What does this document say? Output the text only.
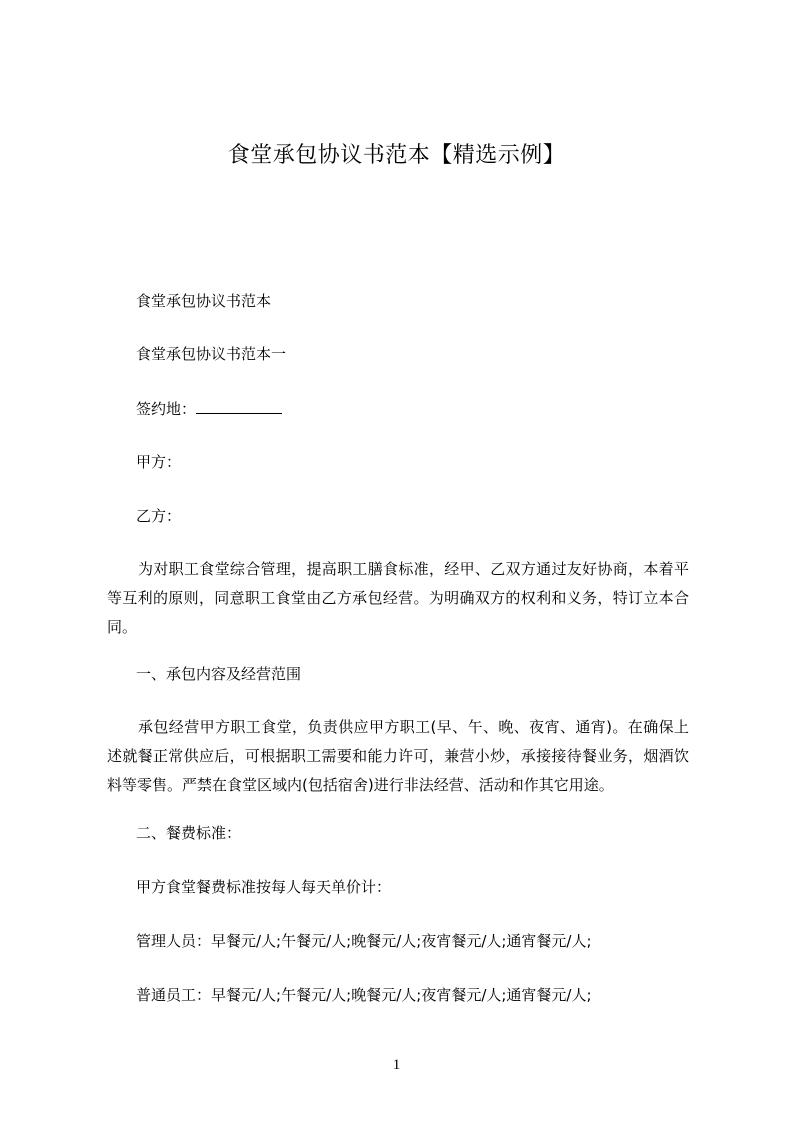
食堂承包协议书范本【精选示例】
食堂承包协议书范本
食堂承包协议书范本一
签约地：
甲方：
乙方：
为对职工食堂综合管理，提高职工膳食标准，经甲、乙双方通过友好协商，本着平等互利的原则，同意职工食堂由乙方承包经营。为明确双方的权利和义务，特订立本合同。
一、承包内容及经营范围
承包经营甲方职工食堂，负责供应甲方职工(早、午、晚、夜宵、通宵)。在确保上述就餐正常供应后，可根据职工需要和能力许可，兼营小炒，承接接待餐业务，烟酒饮料等零售。严禁在食堂区域内(包括宿舍)进行非法经营、活动和作其它用途。
二、餐费标准：
甲方食堂餐费标准按每人每天单价计：
管理人员：早餐元/人;午餐元/人;晚餐元/人;夜宵餐元/人;通宵餐元/人;
普通员工：早餐元/人;午餐元/人;晚餐元/人;夜宵餐元/人;通宵餐元/人;
1
